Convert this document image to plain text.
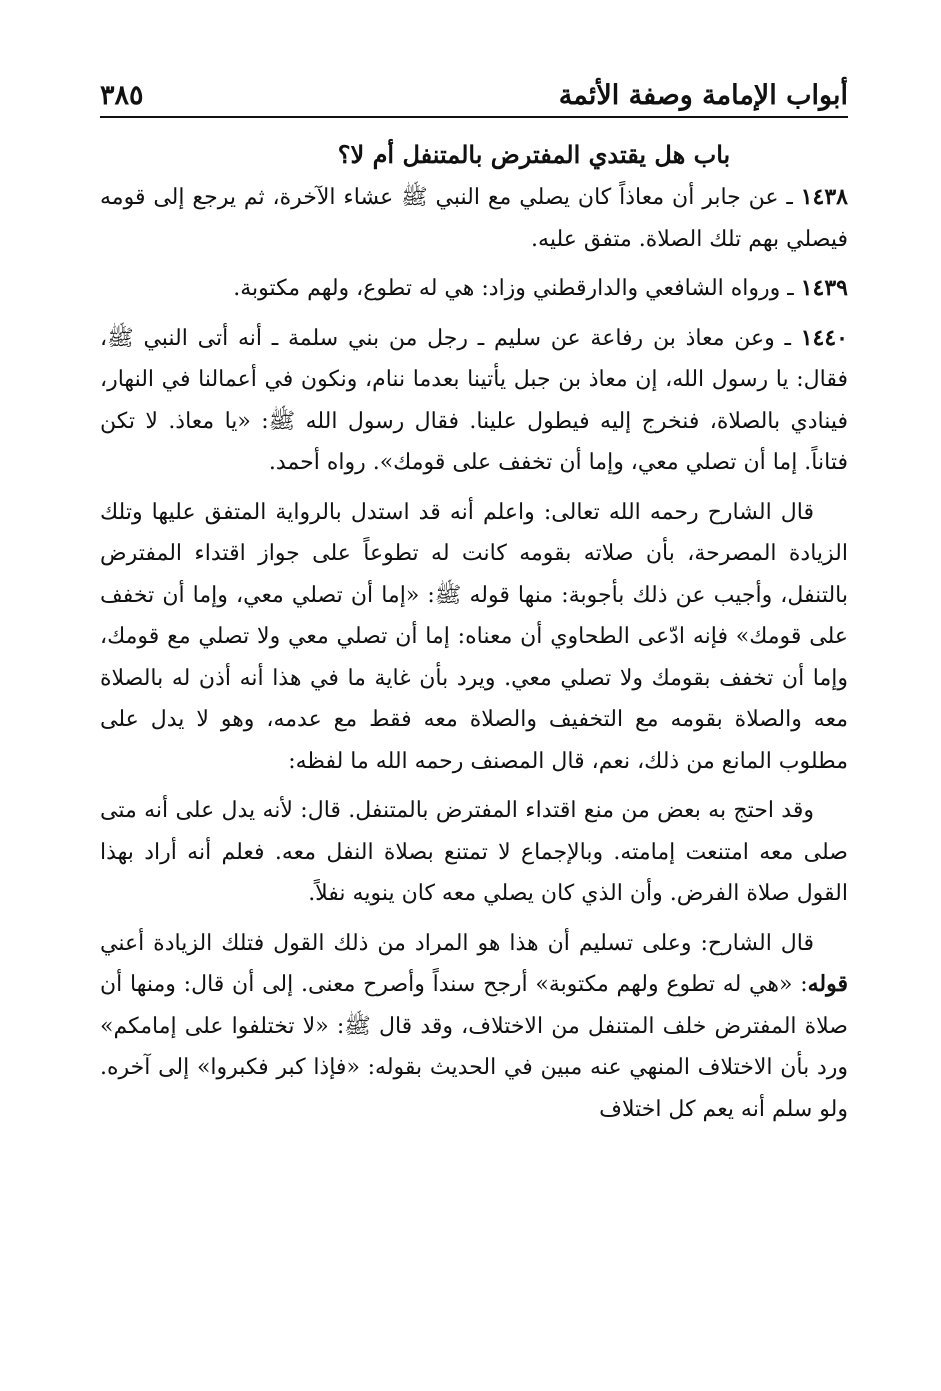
أبواب الإمامة وصفة الأئمة
٣٨٥
باب هل يقتدي المفترض بالمتنفل أم لا؟

١٤٣٨ ـ عن جابر أن معاذاً كان يصلي مع النبي ﷺ عشاء الآخرة، ثم يرجع إلى قومه فيصلي بهم تلك الصلاة. متفق عليه.

١٤٣٩ ـ ورواه الشافعي والدارقطني وزاد: هي له تطوع، ولهم مكتوبة.

١٤٤٠ ـ وعن معاذ بن رفاعة عن سليم ـ رجل من بني سلمة ـ أنه أتى النبي ﷺ، فقال: يا رسول الله، إن معاذ بن جبل يأتينا بعدما ننام، ونكون في أعمالنا في النهار، فينادي بالصلاة، فنخرج إليه فيطول علينا. فقال رسول الله ﷺ: «يا معاذ. لا تكن فتاناً. إما أن تصلي معي، وإما أن تخفف على قومك». رواه أحمد.

قال الشارح رحمه الله تعالى: واعلم أنه قد استدل بالرواية المتفق عليها وتلك الزيادة المصرحة، بأن صلاته بقومه كانت له تطوعاً على جواز اقتداء المفترض بالتنفل، وأجيب عن ذلك بأجوبة: منها قوله ﷺ: «إما أن تصلي معي، وإما أن تخفف على قومك» فإنه ادّعى الطحاوي أن معناه: إما أن تصلي معي ولا تصلي مع قومك، وإما أن تخفف بقومك ولا تصلي معي. ويرد بأن غاية ما في هذا أنه أذن له بالصلاة معه والصلاة بقومه مع التخفيف والصلاة معه فقط مع عدمه، وهو لا يدل على مطلوب المانع من ذلك، نعم، قال المصنف رحمه الله ما لفظه:

وقد احتج به بعض من منع اقتداء المفترض بالمتنفل. قال: لأنه يدل على أنه متى صلى معه امتنعت إمامته. وبالإجماع لا تمتنع بصلاة النفل معه. فعلم أنه أراد بهذا القول صلاة الفرض. وأن الذي كان يصلي معه كان ينويه نفلاً.

قال الشارح: وعلى تسليم أن هذا هو المراد من ذلك القول فتلك الزيادة أعني قوله: «هي له تطوع ولهم مكتوبة» أرجح سنداً وأصرح معنى. إلى أن قال: ومنها أن صلاة المفترض خلف المتنفل من الاختلاف، وقد قال ﷺ: «لا تختلفوا على إمامكم» ورد بأن الاختلاف المنهي عنه مبين في الحديث بقوله: «فإذا كبر فكبروا» إلى آخره. ولو سلم أنه يعم كل اختلاف
